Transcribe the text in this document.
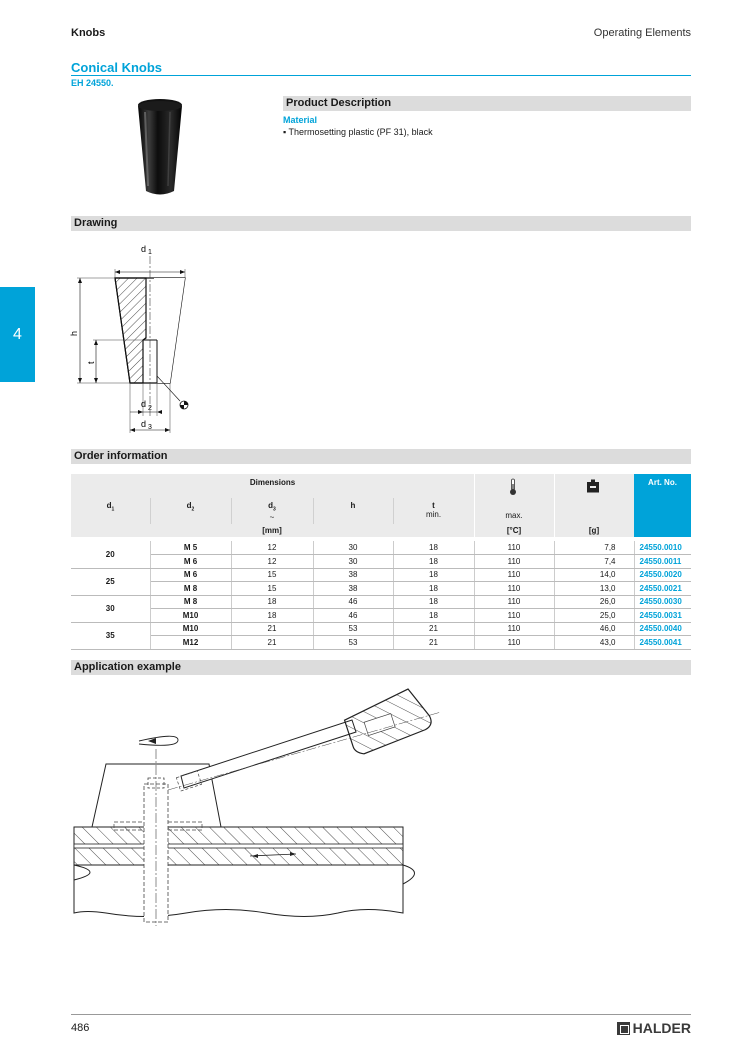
Knobs	Operating Elements
Conical Knobs
EH 24550.
4
Product Description
Material
▪ Thermosetting plastic (PF 31), black
Drawing
d 1
h
t
d 2
d 3
Order information
Dimensions
$d_1$	$d_2$	$d_3$
~
h	t
min.
[mm]
max.
[°C]	[g]
Art. No.
20	M 5	12	30	18	110	7,8	24550.0010
	M 6	12	30	18	110	7,4	24550.0011
25	M 6	15	38	18	110	14,0	24550.0020
	M 8	15	38	18	110	13,0	24550.0021
30	M 8	18	46	18	110	26,0	24550.0030
	M10	18	46	18	110	25,0	24550.0031
35	M10	21	53	21	110	46,0	24550.0040
	M12	21	53	21	110	43,0	24550.0041
Application example
486	HALDER
